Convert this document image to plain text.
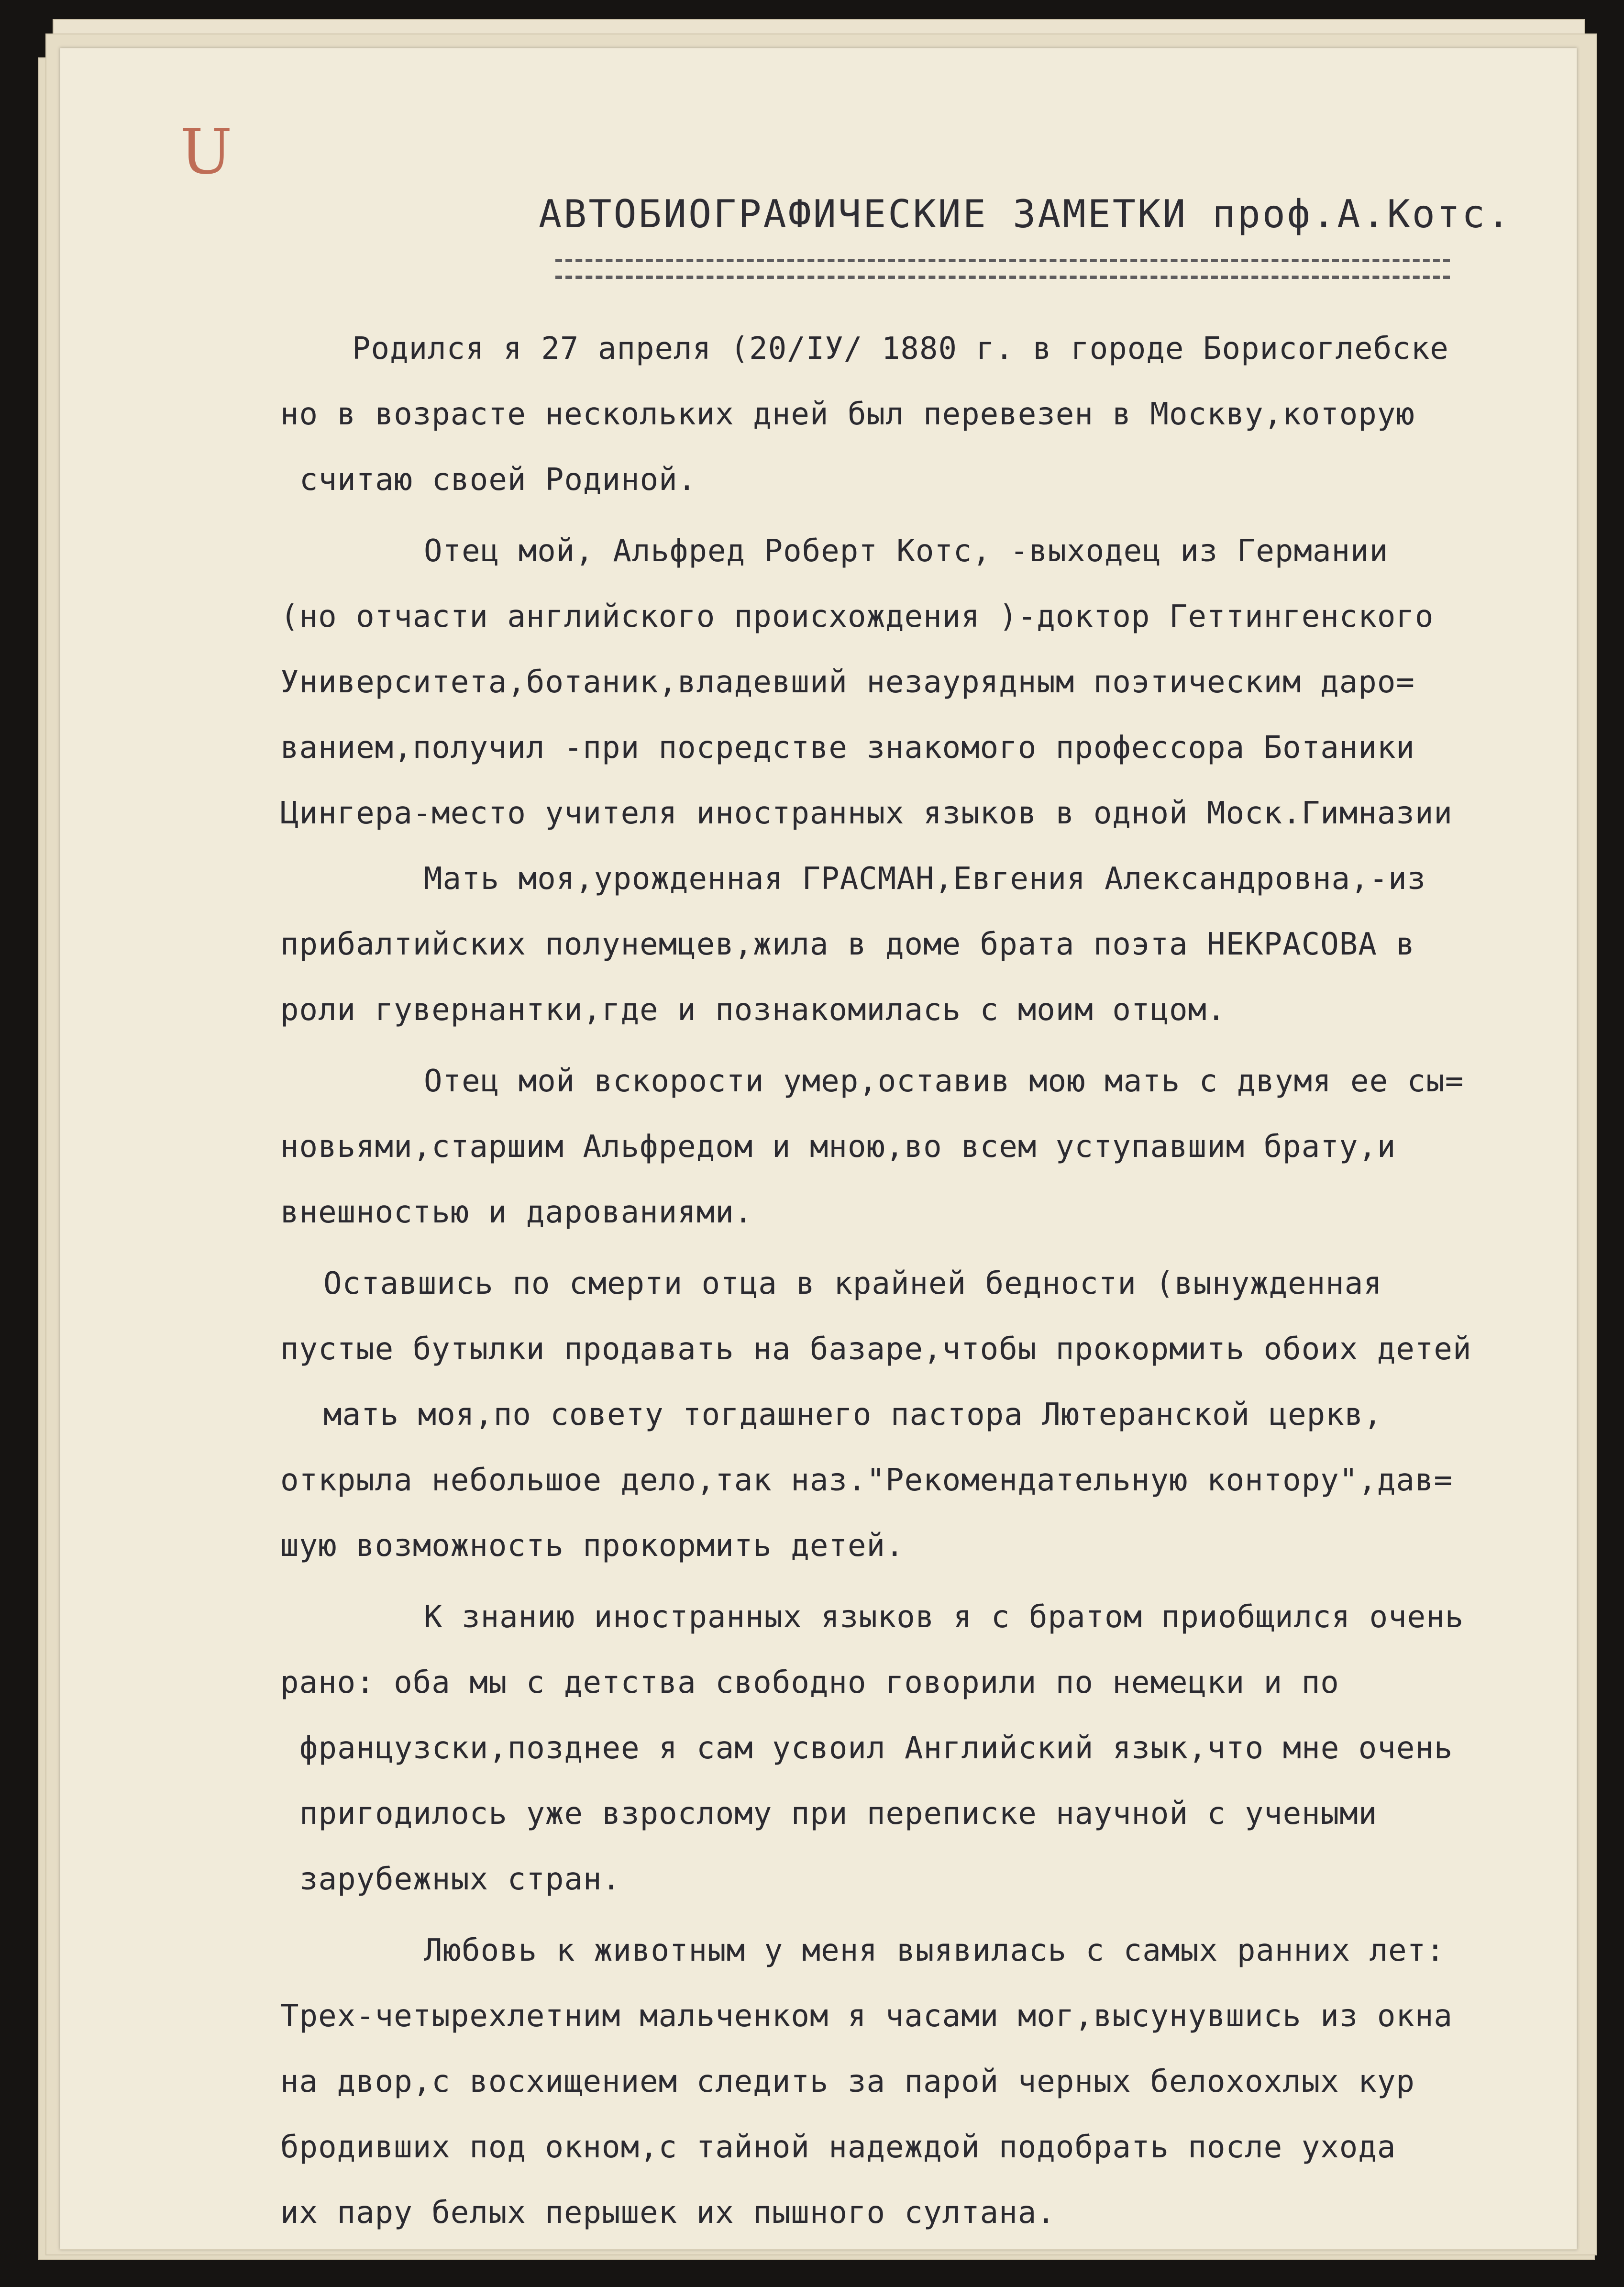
U
АВТОБИОГРАФИЧЕСКИЕ ЗАМЕТКИ проф.А.Котс.
Родился я 27 апреля (20/IУ/ 1880 г. в городе Борисоглебске
но в возрасте нескольких дней был перевезен в Москву,которую
считаю своей Родиной.
Отец мой, Альфред Роберт Котс, -выходец из Германии
(но отчасти английского происхождения )-доктор Геттингенского
Университета,ботаник,владевший незаурядным поэтическим даро=
ванием,получил -при посредстве знакомого профессора Ботаники
Цингера-место учителя иностранных языков в одной Моск.Гимназии
Мать моя,урожденная ГРАСМАН,Евгения Александровна,-из
прибалтийских полунемцев,жила в доме брата поэта НЕКРАСОВА в
роли гувернантки,где и познакомилась с моим отцом.
Отец мой вскорости умер,оставив мою мать с двумя ее сы=
новьями,старшим Альфредом и мною,во всем уступавшим брату,и
внешностью и дарованиями.
Оставшись по смерти отца в крайней бедности (вынужденная
пустые бутылки продавать на базаре,чтобы прокормить обоих детей
мать моя,по совету тогдашнего пастора Лютеранской церкв,
открыла небольшое дело,так наз."Рекомендательную контору",дав=
шую возможность прокормить детей.
К знанию иностранных языков я с братом приобщился очень
рано: оба мы с детства свободно говорили по немецки и по
французски,позднее я сам усвоил Английский язык,что мне очень
пригодилось уже взрослому при переписке научной с учеными
зарубежных стран.
Любовь к животным у меня выявилась с самых ранних лет:
Трех-четырехлетним мальченком я часами мог,высунувшись из окна
на двор,с восхищением следить за парой черных белохохлых кур
бродивших под окном,с тайной надеждой подобрать после ухода
их пару белых перышек их пышного султана.
